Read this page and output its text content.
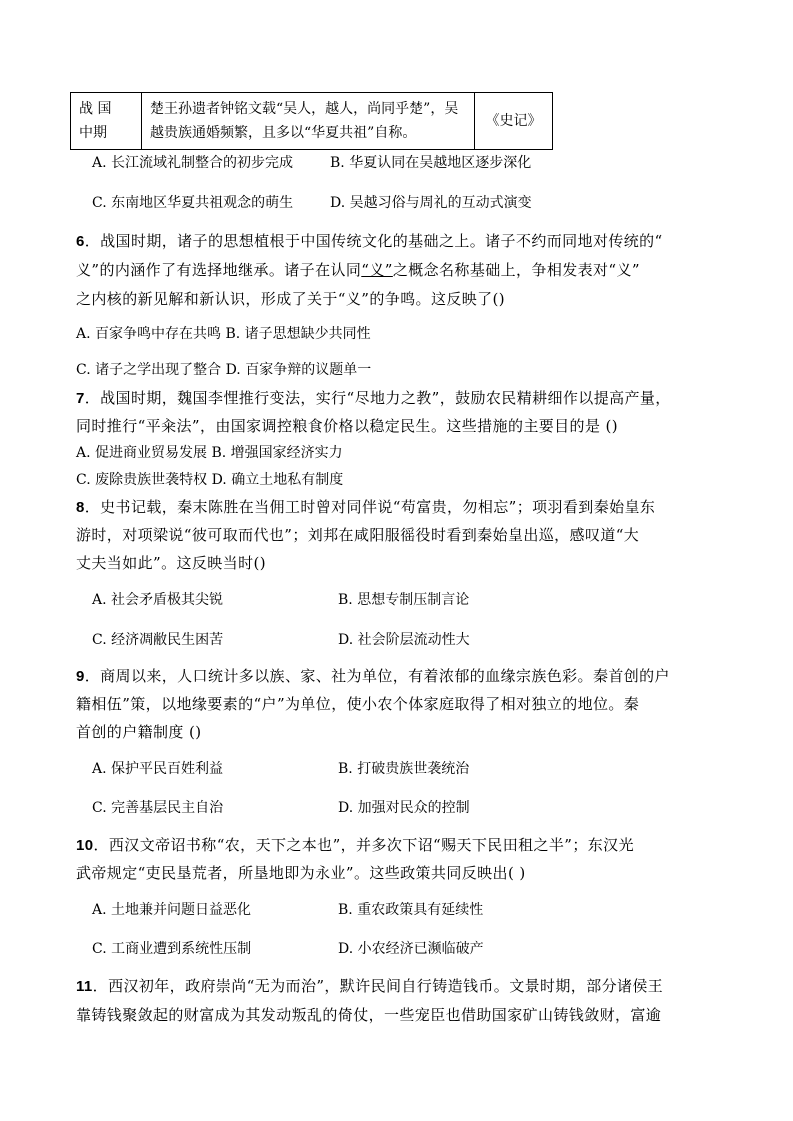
战 国
中期

楚王孙遗者钟铭文载“吴人，越人，尚同乎楚”，吴
越贵族通婚频繁，且多以“华夏共祖”自称。
	《史记》
A. 长江流域礼制整合的初步完成	B. 华夏认同在吴越地区逐步深化
C. 东南地区华夏共祖观念的萌生	D. 吴越习俗与周礼的互动式演变
6．战国时期，诸子的思想植根于中国传统文化的基础之上。诸子不约而同地对传统的“
义”的内涵作了有选择地继承。诸子在认同“义”之概念名称基础上，争相发表对“义”
之内核的新见解和新认识，形成了关于“义”的争鸣。这反映了()
A. 百家争鸣中存在共鸣 B. 诸子思想缺少共同性
C. 诸子之学出现了整合 D. 百家争辩的议题单一
7．战国时期，魏国李悝推行变法，实行“尽地力之教”，鼓励农民精耕细作以提高产量，
同时推行“平籴法”，由国家调控粮食价格以稳定民生。这些措施的主要目的是 ()
A. 促进商业贸易发展 B. 增强国家经济实力
C. 废除贵族世袭特权 D. 确立土地私有制度
8．史书记载，秦末陈胜在当佣工时曾对同伴说“苟富贵，勿相忘”；项羽看到秦始皇东
游时，对项梁说“彼可取而代也”；刘邦在咸阳服徭役时看到秦始皇出巡，感叹道“大
丈夫当如此”。这反映当时()
A. 社会矛盾极其尖锐	B. 思想专制压制言论
C. 经济凋敝民生困苦	D. 社会阶层流动性大
9．商周以来，人口统计多以族、家、社为单位，有着浓郁的血缘宗族色彩。秦首创的户
籍相伍”策，以地缘要素的“户”为单位，使小农个体家庭取得了相对独立的地位。秦
首创的户籍制度 ()
A. 保护平民百姓利益	B. 打破贵族世袭统治
C. 完善基层民主自治	D. 加强对民众的控制
10．西汉文帝诏书称“农，天下之本也”，并多次下诏“赐天下民田租之半”；东汉光
武帝规定“吏民垦荒者，所垦地即为永业”。这些政策共同反映出( )
A. 土地兼并问题日益恶化	B. 重农政策具有延续性
C. 工商业遭到系统性压制	D. 小农经济已濒临破产
11．西汉初年，政府崇尚“无为而治”，默许民间自行铸造钱币。文景时期，部分诸侯王
靠铸钱聚敛起的财富成为其发动叛乱的倚仗，一些宠臣也借助国家矿山铸钱敛财，富逾
